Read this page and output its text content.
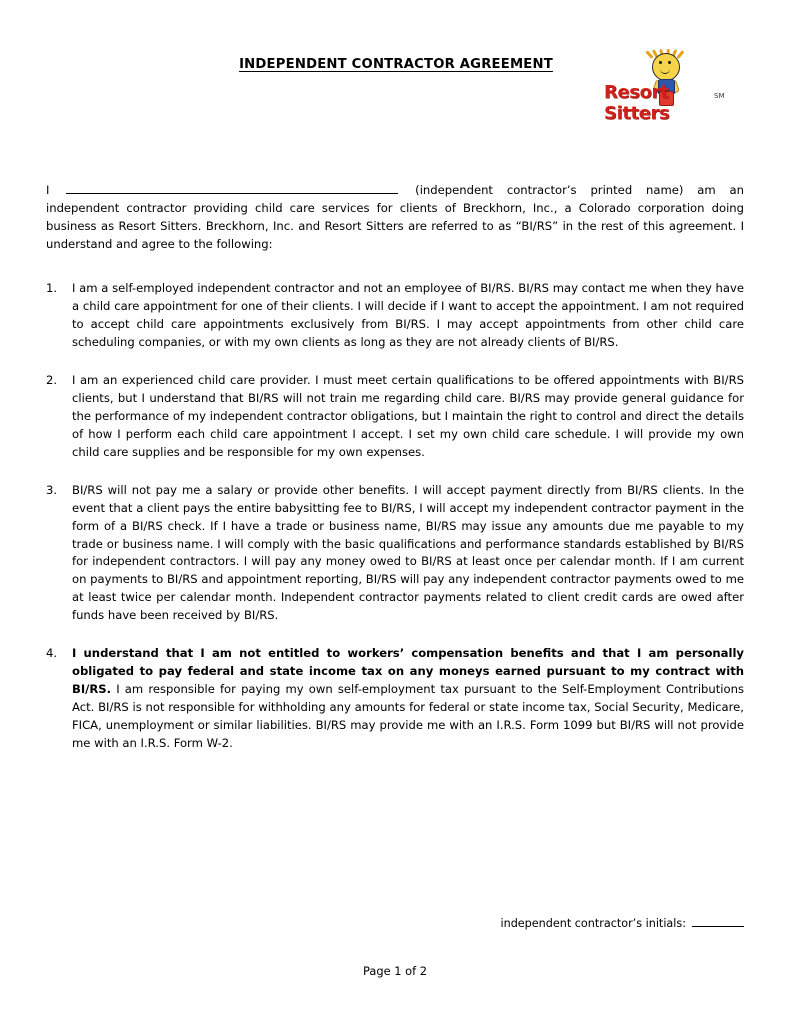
INDEPENDENT CONTRACTOR AGREEMENT
ResortSitters
SM

I	(independent contractor’s printed name) am an independent contractor providing child care services for clients of Breckhorn, Inc., a Colorado corporation doing business as Resort Sitters. Breckhorn, Inc. and Resort Sitters are referred to as “BI/RS” in the rest of this agreement. I understand and agree to the following:

I am a self-employed independent contractor and not an employee of BI/RS. BI/RS may contact me when they have a child care appointment for one of their clients. I will decide if I want to accept the appointment. I am not required to accept child care appointments exclusively from BI/RS. I may accept appointments from other child care scheduling companies, or with my own clients as long as they are not already clients of BI/RS.
I am an experienced child care provider. I must meet certain qualifications to be offered appointments with BI/RS clients, but I understand that BI/RS will not train me regarding child care. BI/RS may provide general guidance for the performance of my independent contractor obligations, but I maintain the right to control and direct the details of how I perform each child care appointment I accept. I set my own child care schedule. I will provide my own child care supplies and be responsible for my own expenses.
BI/RS will not pay me a salary or provide other benefits. I will accept payment directly from BI/RS clients. In the event that a client pays the entire babysitting fee to BI/RS, I will accept my independent contractor payment in the form of a BI/RS check. If I have a trade or business name, BI/RS may issue any amounts due me payable to my trade or business name. I will comply with the basic qualifications and performance standards established by BI/RS for independent contractors. I will pay any money owed to BI/RS at least once per calendar month. If I am current on payments to BI/RS and appointment reporting, BI/RS will pay any independent contractor payments owed to me at least twice per calendar month. Independent contractor payments related to client credit cards are owed after funds have been received by BI/RS.
I understand that I am not entitled to workers’ compensation benefits and that I am personally obligated to pay federal and state income tax on any moneys earned pursuant to my contract with BI/RS. I am responsible for paying my own self-employment tax pursuant to the Self-Employment Contributions Act. BI/RS is not responsible for withholding any amounts for federal or state income tax, Social Security, Medicare, FICA, unemployment or similar liabilities. BI/RS may provide me with an I.R.S. Form 1099 but BI/RS will not provide me with an I.R.S. Form W-2.
independent contractor’s initials:
Page 1 of 2
